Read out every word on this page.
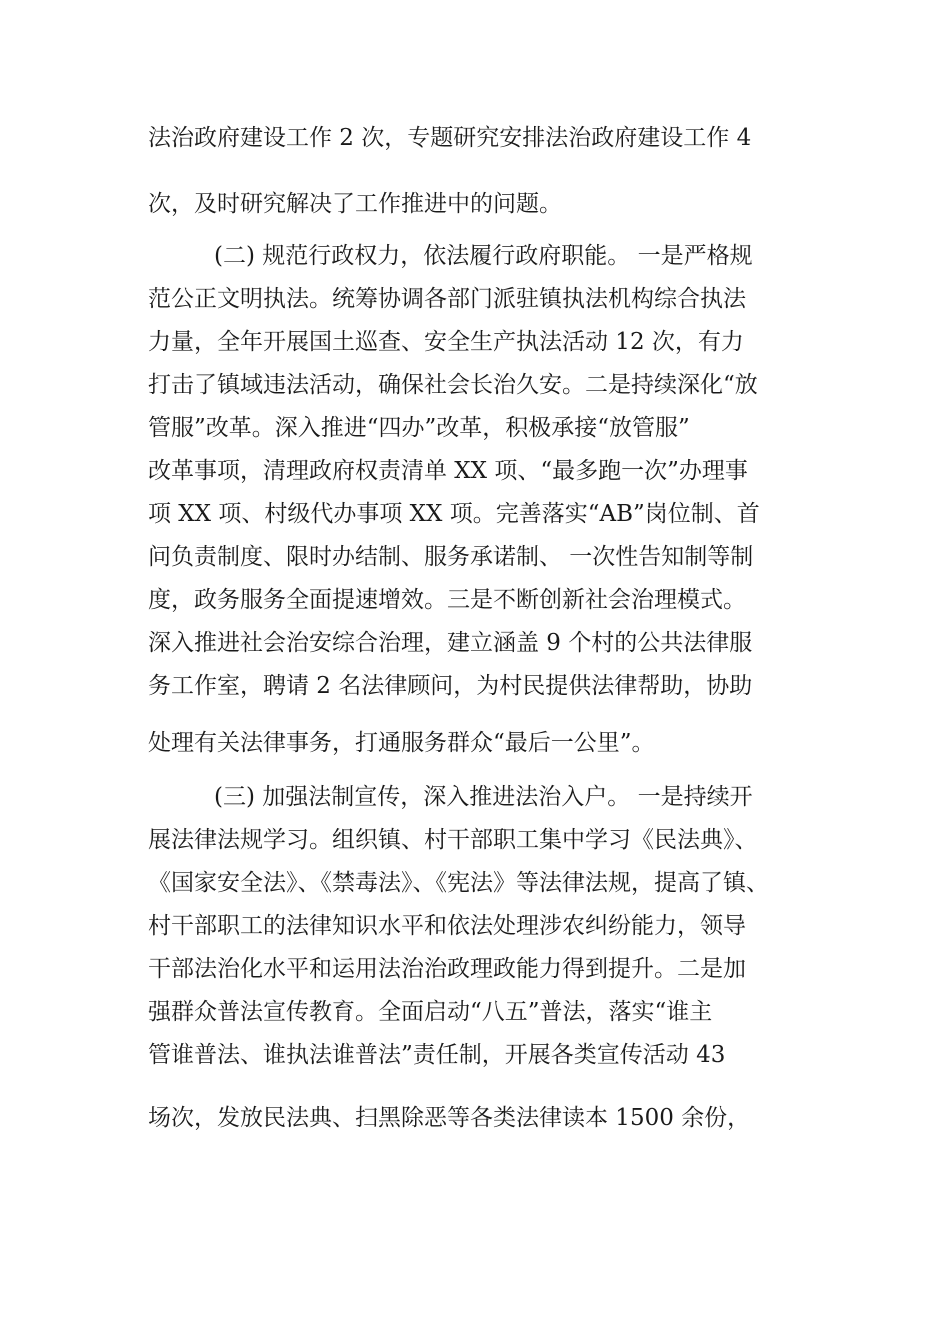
法治政府建设工作 2 次，专题研究安排法治政府建设工作 4
次，及时研究解决了工作推进中的问题。
(二) 规范行政权力，依法履行政府职能。 一是严格规
范公正文明执法。统筹协调各部门派驻镇执法机构综合执法
力量，全年开展国土巡查、安全生产执法活动 12 次，有力
打击了镇域违法活动，确保社会长治久安。二是持续深化“放
管服”改革。深入推进“四办”改革，积极承接“放管服”
改革事项，清理政府权责清单 XX 项、“最多跑一次”办理事
项 XX 项、村级代办事项 XX 项。完善落实“AB”岗位制、首
问负责制度、限时办结制、服务承诺制、 一次性告知制等制
度，政务服务全面提速增效。三是不断创新社会治理模式。
深入推进社会治安综合治理，建立涵盖 9 个村的公共法律服
务工作室，聘请 2 名法律顾问，为村民提供法律帮助，协助
处理有关法律事务，打通服务群众“最后一公里”。
(三) 加强法制宣传，深入推进法治入户。 一是持续开
展法律法规学习。组织镇、村干部职工集中学习《民法典》、
《国家安全法》、《禁毒法》、《宪法》等法律法规，提高了镇、
村干部职工的法律知识水平和依法处理涉农纠纷能力，领导
干部法治化水平和运用法治治政理政能力得到提升。二是加
强群众普法宣传教育。全面启动“八五”普法，落实“谁主
管谁普法、谁执法谁普法”责任制，开展各类宣传活动 43
场次，发放民法典、扫黑除恶等各类法律读本 1500 余份，
